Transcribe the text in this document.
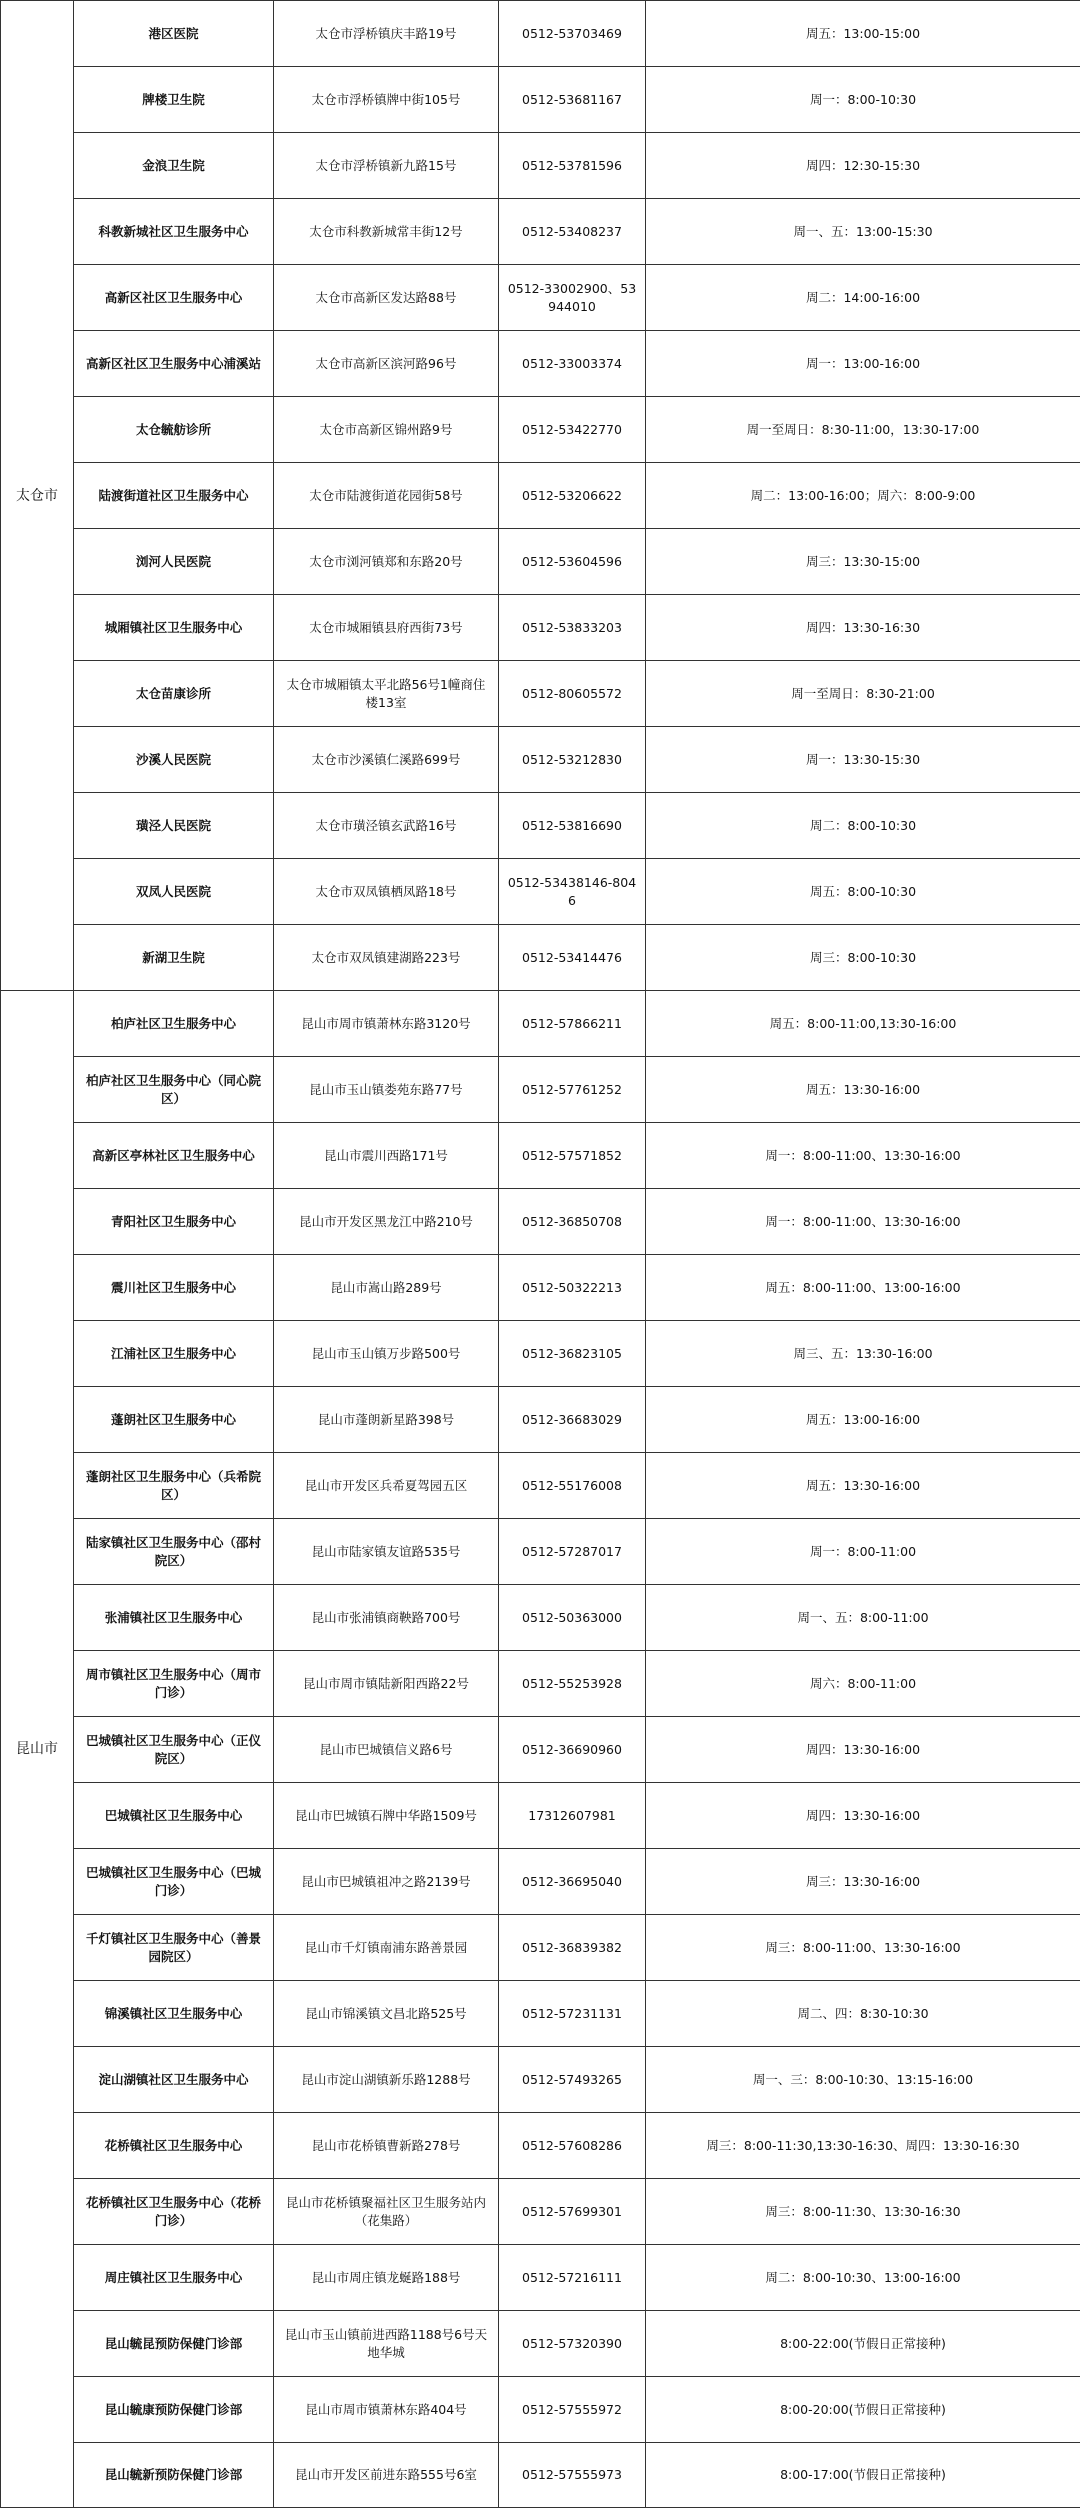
太仓市	港区医院	太仓市浮桥镇庆丰路19号	0512-53703469	周五：13:00-15:00
	牌楼卫生院	太仓市浮桥镇牌中街105号	0512-53681167	周一：8:00-10:30
	金浪卫生院	太仓市浮桥镇新九路15号	0512-53781596	周四：12:30-15:30
	科教新城社区卫生服务中心	太仓市科教新城常丰街12号	0512-53408237	周一、五：13:00-15:30
	高新区社区卫生服务中心	太仓市高新区发达路88号	0512-33002900、53944010	周二：14:00-16:00
	高新区社区卫生服务中心浦溪站	太仓市高新区滨河路96号	0512-33003374	周一：13:00-16:00
	太仓毓舫诊所	太仓市高新区锦州路9号	0512-53422770	周一至周日：8:30-11:00，13:30-17:00
	陆渡街道社区卫生服务中心	太仓市陆渡街道花园街58号	0512-53206622	周二：13:00-16:00；周六：8:00-9:00
	浏河人民医院	太仓市浏河镇郑和东路20号	0512-53604596	周三：13:30-15:00
	城厢镇社区卫生服务中心	太仓市城厢镇县府西街73号	0512-53833203	周四：13:30-16:30
	太仓苗康诊所	太仓市城厢镇太平北路56号1幢商住楼13室	0512-80605572	周一至周日：8:30-21:00
	沙溪人民医院	太仓市沙溪镇仁溪路699号	0512-53212830	周一：13:30-15:30
	璜泾人民医院	太仓市璜泾镇玄武路16号	0512-53816690	周二：8:00-10:30
	双凤人民医院	太仓市双凤镇栖凤路18号	0512-53438146-8046	周五：8:00-10:30
	新湖卫生院	太仓市双凤镇建湖路223号	0512-53414476	周三：8:00-10:30
昆山市	柏庐社区卫生服务中心	昆山市周市镇萧林东路3120号	0512-57866211	周五：8:00-11:00,13:30-16:00
	柏庐社区卫生服务中心（同心院区）	昆山市玉山镇娄苑东路77号	0512-57761252	周五：13:30-16:00
	高新区亭林社区卫生服务中心	昆山市震川西路171号	0512-57571852	周一：8:00-11:00、13:30-16:00
	青阳社区卫生服务中心	昆山市开发区黑龙江中路210号	0512-36850708	周一：8:00-11:00、13:30-16:00
	震川社区卫生服务中心	昆山市嵩山路289号	0512-50322213	周五：8:00-11:00、13:00-16:00
	江浦社区卫生服务中心	昆山市玉山镇万步路500号	0512-36823105	周三、五：13:30-16:00
	蓬朗社区卫生服务中心	昆山市蓬朗新星路398号	0512-36683029	周五：13:00-16:00
	蓬朗社区卫生服务中心（兵希院区）	昆山市开发区兵希夏驾园五区	0512-55176008	周五：13:30-16:00
	陆家镇社区卫生服务中心（邵村院区）	昆山市陆家镇友谊路535号	0512-57287017	周一：8:00-11:00
	张浦镇社区卫生服务中心	昆山市张浦镇商鞅路700号	0512-50363000	周一、五：8:00-11:00
	周市镇社区卫生服务中心（周市门诊）	昆山市周市镇陆新阳西路22号	0512-55253928	周六：8:00-11:00
	巴城镇社区卫生服务中心（正仪院区）	昆山市巴城镇信义路6号	0512-36690960	周四：13:30-16:00
	巴城镇社区卫生服务中心	昆山市巴城镇石牌中华路1509号	17312607981	周四：13:30-16:00
	巴城镇社区卫生服务中心（巴城门诊）	昆山市巴城镇祖冲之路2139号	0512-36695040	周三：13:30-16:00
	千灯镇社区卫生服务中心（善景园院区）	昆山市千灯镇南浦东路善景园	0512-36839382	周三：8:00-11:00、13:30-16:00
	锦溪镇社区卫生服务中心	昆山市锦溪镇文昌北路525号	0512-57231131	周二、四：8:30-10:30
	淀山湖镇社区卫生服务中心	昆山市淀山湖镇新乐路1288号	0512-57493265	周一、三：8:00-10:30、13:15-16:00
	花桥镇社区卫生服务中心	昆山市花桥镇曹新路278号	0512-57608286	周三：8:00-11:30,13:30-16:30、周四：13:30-16:30
	花桥镇社区卫生服务中心（花桥门诊）	昆山市花桥镇聚福社区卫生服务站内（花集路）	0512-57699301	周三：8:00-11:30、13:30-16:30
	周庄镇社区卫生服务中心	昆山市周庄镇龙蜒路188号	0512-57216111	周二：8:00-10:30、13:00-16:00
	昆山毓昆预防保健门诊部	昆山市玉山镇前进西路1188号6号天地华城	0512-57320390	8:00-22:00(节假日正常接种)
	昆山毓康预防保健门诊部	昆山市周市镇萧林东路404号	0512-57555972	8:00-20:00(节假日正常接种)
	昆山毓新预防保健门诊部	昆山市开发区前进东路555号6室	0512-57555973	8:00-17:00(节假日正常接种)
